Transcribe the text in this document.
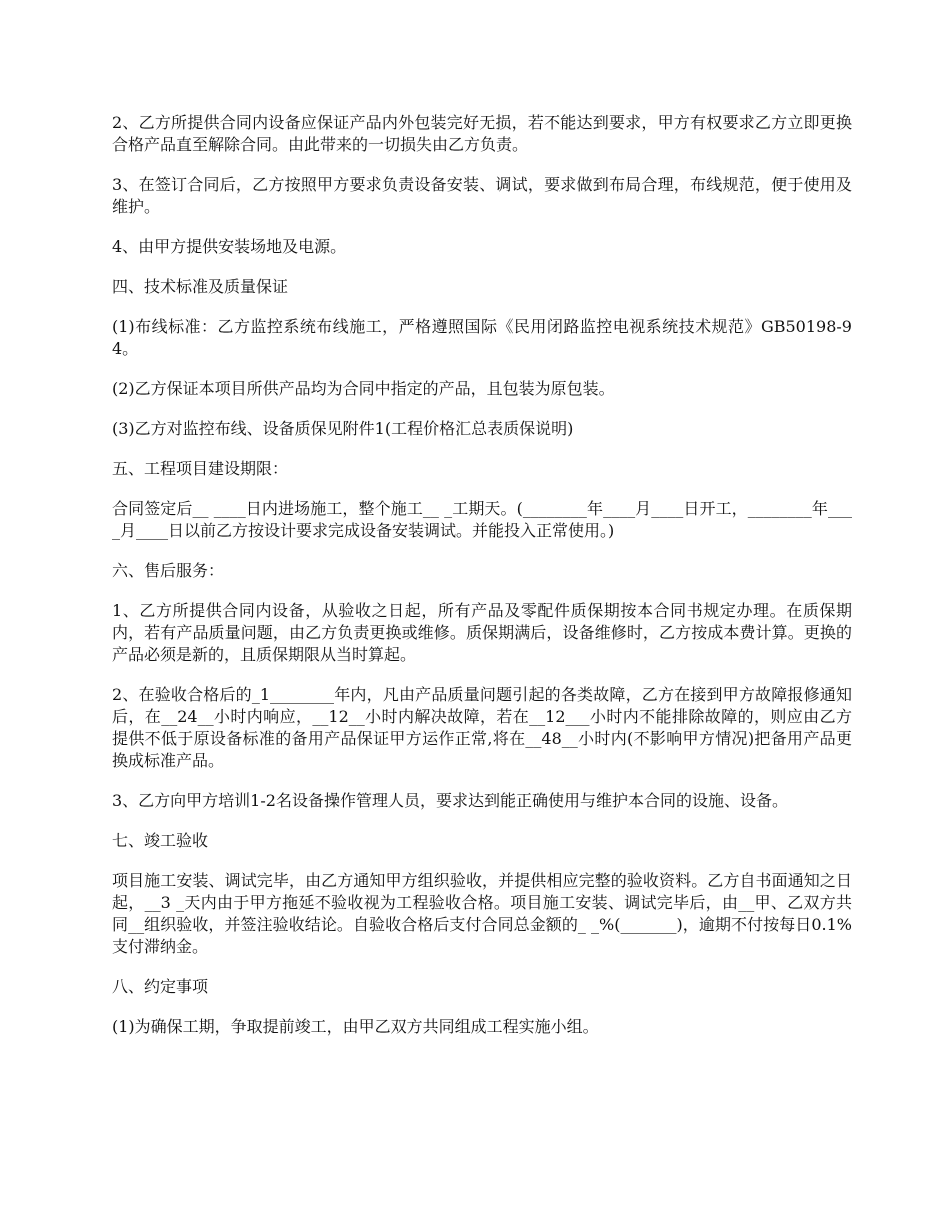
2、乙方所提供合同内设备应保证产品内外包装完好无损，若不能达到要求，甲方有权要求乙方立即更换合格产品直至解除合同。由此带来的一切损失由乙方负责。

3、在签订合同后，乙方按照甲方要求负责设备安装、调试，要求做到布局合理，布线规范，便于使用及维护。

4、由甲方提供安装场地及电源。

四、技术标准及质量保证

(1)布线标准：乙方监控系统布线施工，严格遵照国际《民用闭路监控电视系统技术规范》GB50198-94。

(2)乙方保证本项目所供产品均为合同中指定的产品，且包装为原包装。

(3)乙方对监控布线、设备质保见附件1(工程价格汇总表质保说明)

五、工程项目建设期限：

合同签定后__ ____日内进场施工，整个施工__ _工期天。(________年____月____日开工，________年____月____日以前乙方按设计要求完成设备安装调试。并能投入正常使用。)

六、售后服务：

1、乙方所提供合同内设备，从验收之日起，所有产品及零配件质保期按本合同书规定办理。在质保期内，若有产品质量问题，由乙方负责更换或维修。质保期满后，设备维修时，乙方按成本费计算。更换的产品必须是新的，且质保期限从当时算起。

2、在验收合格后的_1________年内，凡由产品质量问题引起的各类故障，乙方在接到甲方故障报修通知后，在__24__小时内响应，__12__小时内解决故障，若在__12___小时内不能排除故障的，则应由乙方提供不低于原设备标准的备用产品保证甲方运作正常,将在__48__小时内(不影响甲方情况)把备用产品更换成标准产品。

3、乙方向甲方培训1-2名设备操作管理人员，要求达到能正确使用与维护本合同的设施、设备。

七、竣工验收

项目施工安装、调试完毕，由乙方通知甲方组织验收，并提供相应完整的验收资料。乙方自书面通知之日起，__3 _天内由于甲方拖延不验收视为工程验收合格。项目施工安装、调试完毕后，由__甲、乙双方共同__组织验收，并签注验收结论。自验收合格后支付合同总金额的_ _%(_______)，逾期不付按每日0.1%支付滞纳金。

八、约定事项

(1)为确保工期，争取提前竣工，由甲乙双方共同组成工程实施小组。
